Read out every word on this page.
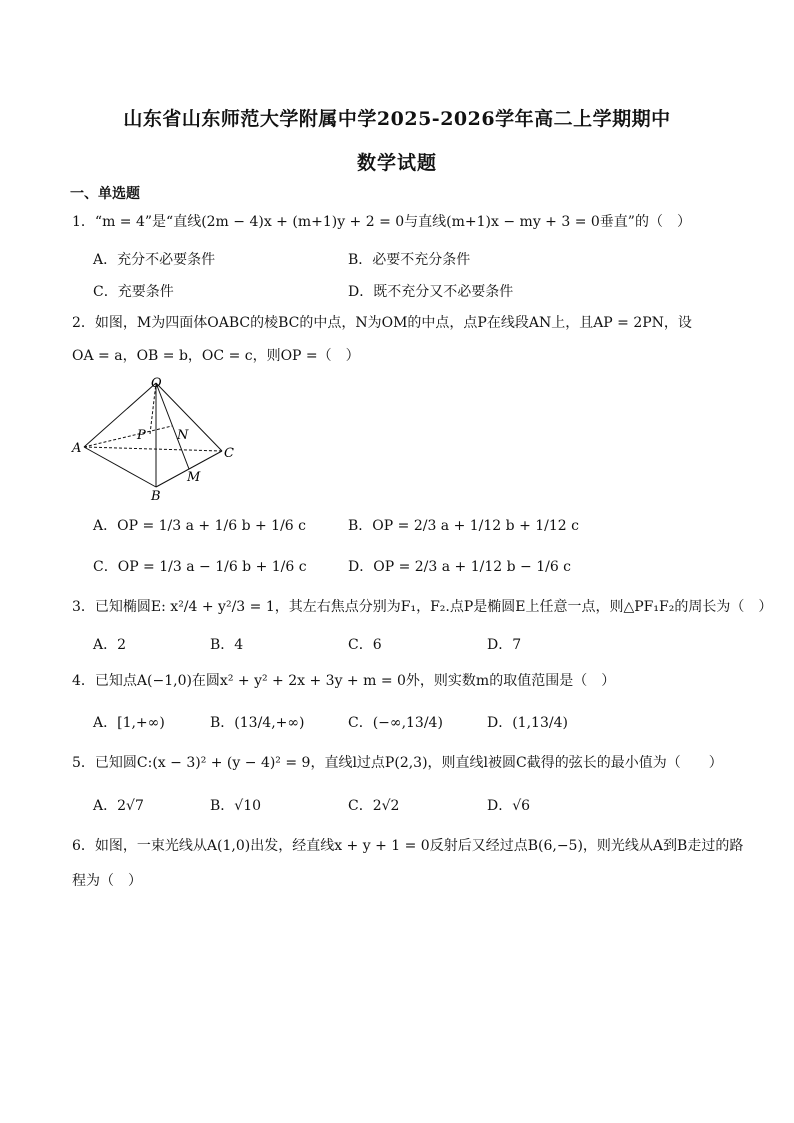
山东省山东师范大学附属中学2025-2026学年高二上学期期中
数学试题
一、单选题
1．“m = 4”是“直线(2m − 4)x + (m+1)y + 2 = 0与直线(m+1)x − my + 3 = 0垂直”的（　）
A．充分不必要条件	B．必要不充分条件
C．充要条件	D．既不充分又不必要条件
2．如图，M为四面体OABC的棱BC的中点，N为OM的中点，点P在线段AN上，且AP = 2PN，设
OA = a，OB = b，OC = c，则OP =（　）
O
A
B
C
P N
M
A．OP = 1/3 a + 1/6 b + 1/6 c	B．OP = 2/3 a + 1/12 b + 1/12 c
C．OP = 1/3 a − 1/6 b + 1/6 c	D．OP = 2/3 a + 1/12 b − 1/6 c
3．已知椭圆E: x²/4 + y²/3 = 1，其左右焦点分别为F₁，F₂.点P是椭圆E上任意一点，则△PF₁F₂的周长为（　）
A．2	B．4	C．6	D．7
4．已知点A(−1,0)在圆x² + y² + 2x + 3y + m = 0外，则实数m的取值范围是（　）
A．[1,+∞)	B．(13/4,+∞)	C．(−∞,13/4)	D．(1,13/4)
5．已知圆C:(x − 3)² + (y − 4)² = 9，直线l过点P(2,3)，则直线l被圆C截得的弦长的最小值为（　　）
A．2√7	B．√10	C．2√2	D．√6
6．如图，一束光线从A(1,0)出发，经直线x + y + 1 = 0反射后又经过点B(6,−5)，则光线从A到B走过的路
程为（　）
